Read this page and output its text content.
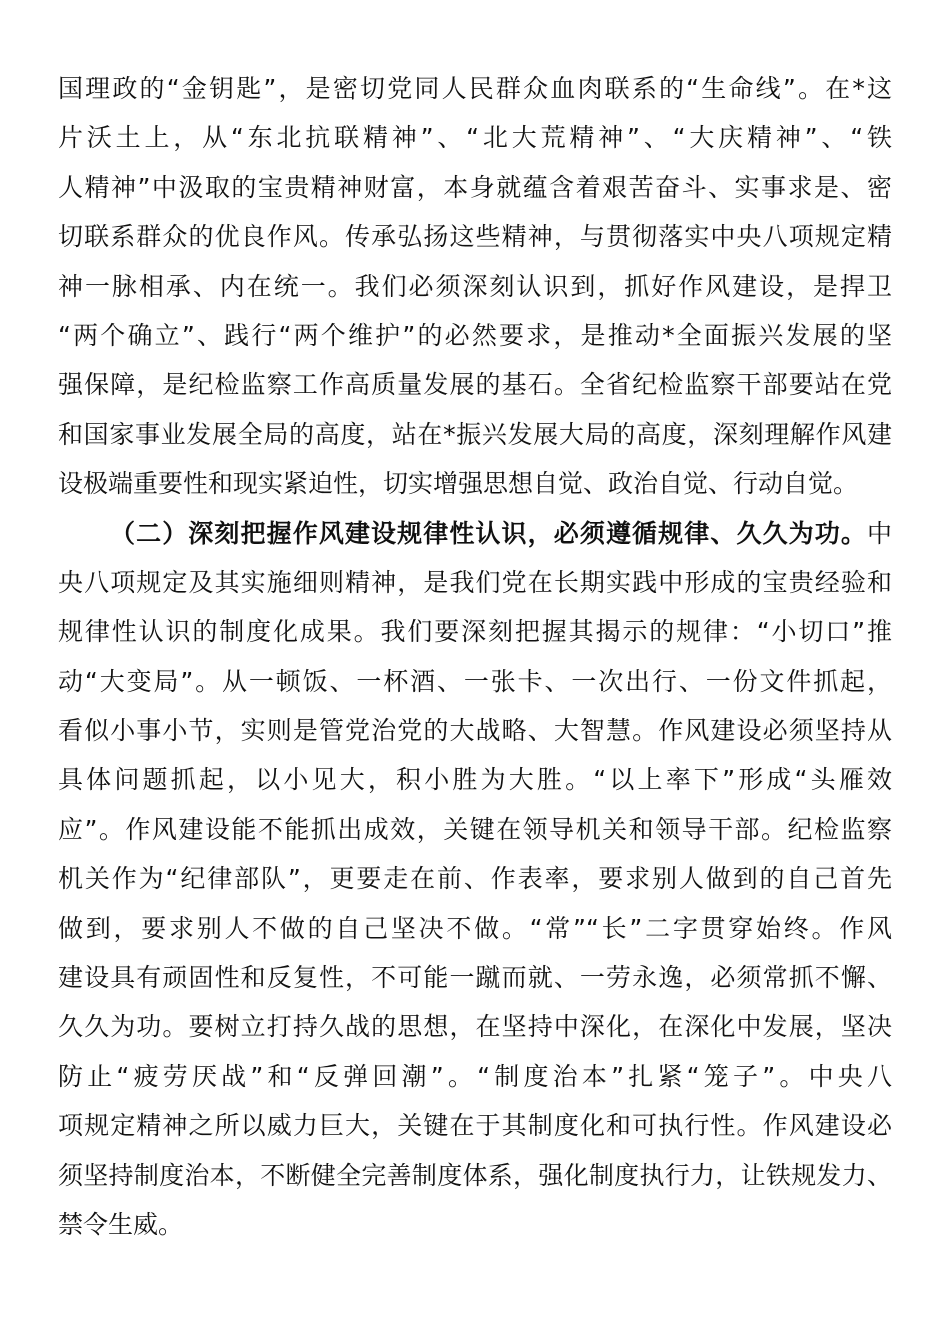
国理政的“金钥匙”，是密切党同人民群众血肉联系的“生命线”。在*这
片沃土上，从“东北抗联精神”、“北大荒精神”、“大庆精神”、“铁
人精神”中汲取的宝贵精神财富，本身就蕴含着艰苦奋斗、实事求是、密
切联系群众的优良作风。传承弘扬这些精神，与贯彻落实中央八项规定精
神一脉相承、内在统一。我们必须深刻认识到，抓好作风建设，是捍卫
“两个确立”、践行“两个维护”的必然要求，是推动*全面振兴发展的坚
强保障，是纪检监察工作高质量发展的基石。全省纪检监察干部要站在党
和国家事业发展全局的高度，站在*振兴发展大局的高度，深刻理解作风建
设极端重要性和现实紧迫性，切实增强思想自觉、政治自觉、行动自觉。
（二）深刻把握作风建设规律性认识，必须遵循规律、久久为功。中
央八项规定及其实施细则精神，是我们党在长期实践中形成的宝贵经验和
规律性认识的制度化成果。我们要深刻把握其揭示的规律：“小切口”推
动“大变局”。从一顿饭、一杯酒、一张卡、一次出行、一份文件抓起，
看似小事小节，实则是管党治党的大战略、大智慧。作风建设必须坚持从
具体问题抓起，以小见大，积小胜为大胜。“以上率下”形成“头雁效
应”。作风建设能不能抓出成效，关键在领导机关和领导干部。纪检监察
机关作为“纪律部队”，更要走在前、作表率，要求别人做到的自己首先
做到，要求别人不做的自己坚决不做。“常”“长”二字贯穿始终。作风
建设具有顽固性和反复性，不可能一蹴而就、一劳永逸，必须常抓不懈、
久久为功。要树立打持久战的思想，在坚持中深化，在深化中发展，坚决
防止“疲劳厌战”和“反弹回潮”。“制度治本”扎紧“笼子”。中央八
项规定精神之所以威力巨大，关键在于其制度化和可执行性。作风建设必
须坚持制度治本，不断健全完善制度体系，强化制度执行力，让铁规发力、
禁令生威。
